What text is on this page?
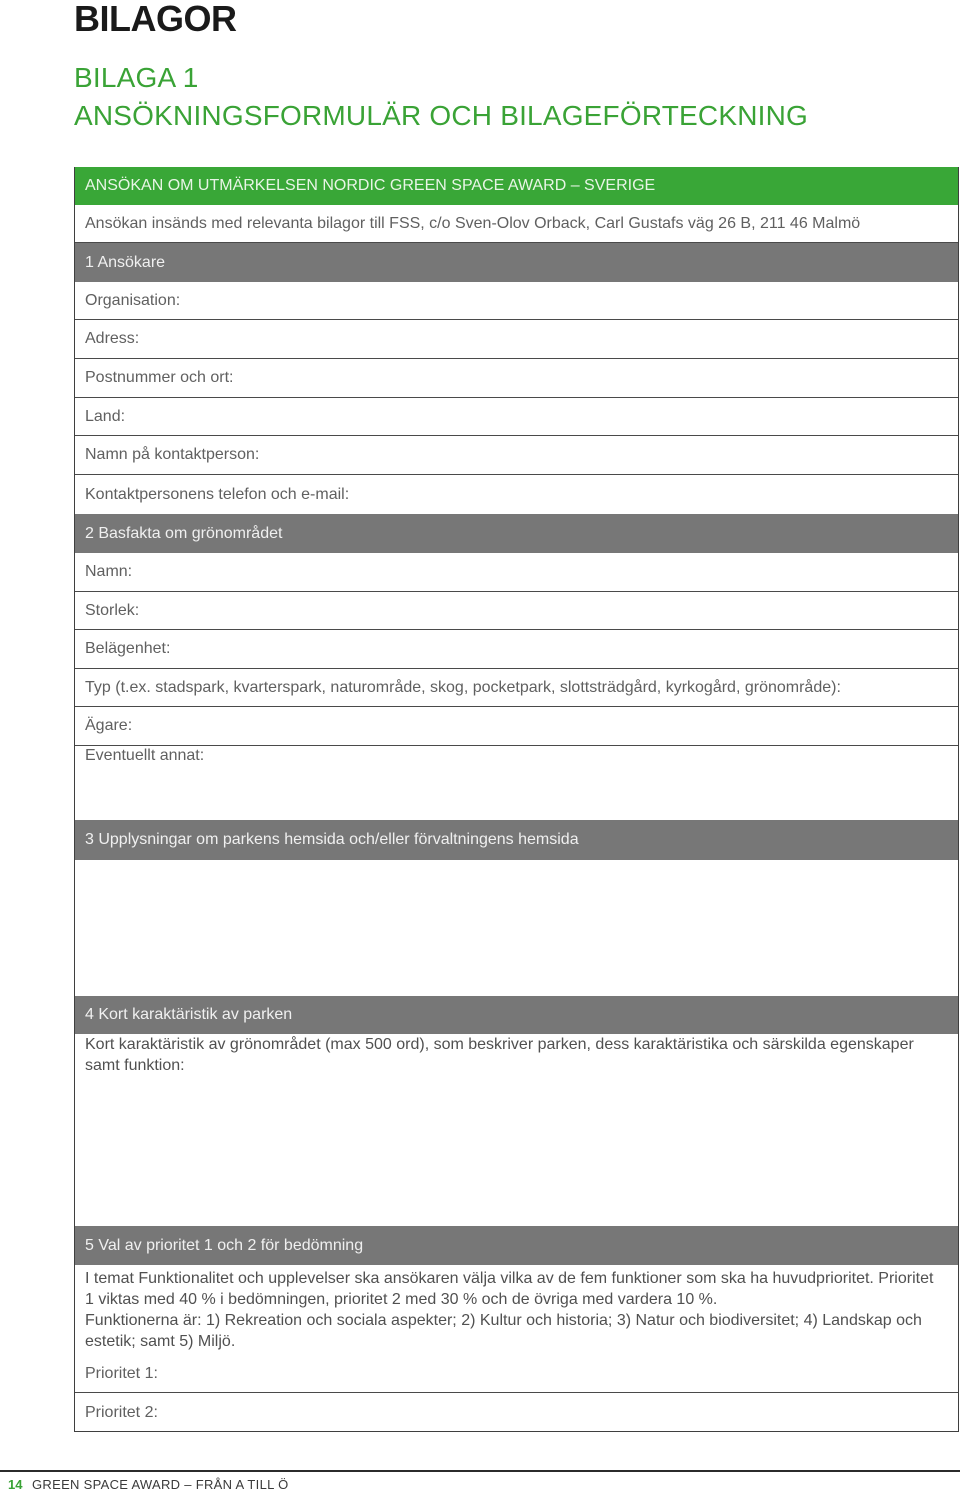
BILAGOR
BILAGA 1
ANSÖKNINGSFORMULÄR OCH BILAGEFÖRTECKNING
ANSÖKAN OM UTMÄRKELSEN NORDIC GREEN SPACE AWARD – SVERIGE
Ansökan insänds med relevanta bilagor till FSS, c/o Sven-Olov Orback, Carl Gustafs väg 26 B, 211 46 Malmö
1 Ansökare
Organisation:
Adress:
Postnummer och ort:
Land:
Namn på kontaktperson:
Kontaktpersonens telefon och e-mail:
2 Basfakta om grönområdet
Namn:
Storlek:
Belägenhet:
Typ (t.ex. stadspark, kvarterspark, naturområde, skog, pocketpark, slottsträdgård, kyrkogård, grönområde):
Ägare:
Eventuellt annat:
3 Upplysningar om parkens hemsida och/eller förvaltningens hemsida
4 Kort karaktäristik av parken

Kort karaktäristik av grönområdet (max 500 ord), som beskriver parken, dess karaktäristika och särskilda egenskaper samt funktion:

5 Val av prioritet 1 och 2 för bedömning

I temat Funktionalitet och upplevelser ska ansökaren välja vilka av de fem funktioner som ska ha huvudprioritet. Prioritet 1 viktas med 40 % i bedömningen, prioritet 2 med 30 % och de övriga med vardera 10 %.

Funktionerna är: 1) Rekreation och sociala aspekter; 2) Kultur och historia; 3) Natur och biodiversitet; 4) Landskap och estetik; samt 5) Miljö.

Prioritet 1:
Prioritet 2:
14 GREEN SPACE AWARD – FRÅN A TILL Ö
